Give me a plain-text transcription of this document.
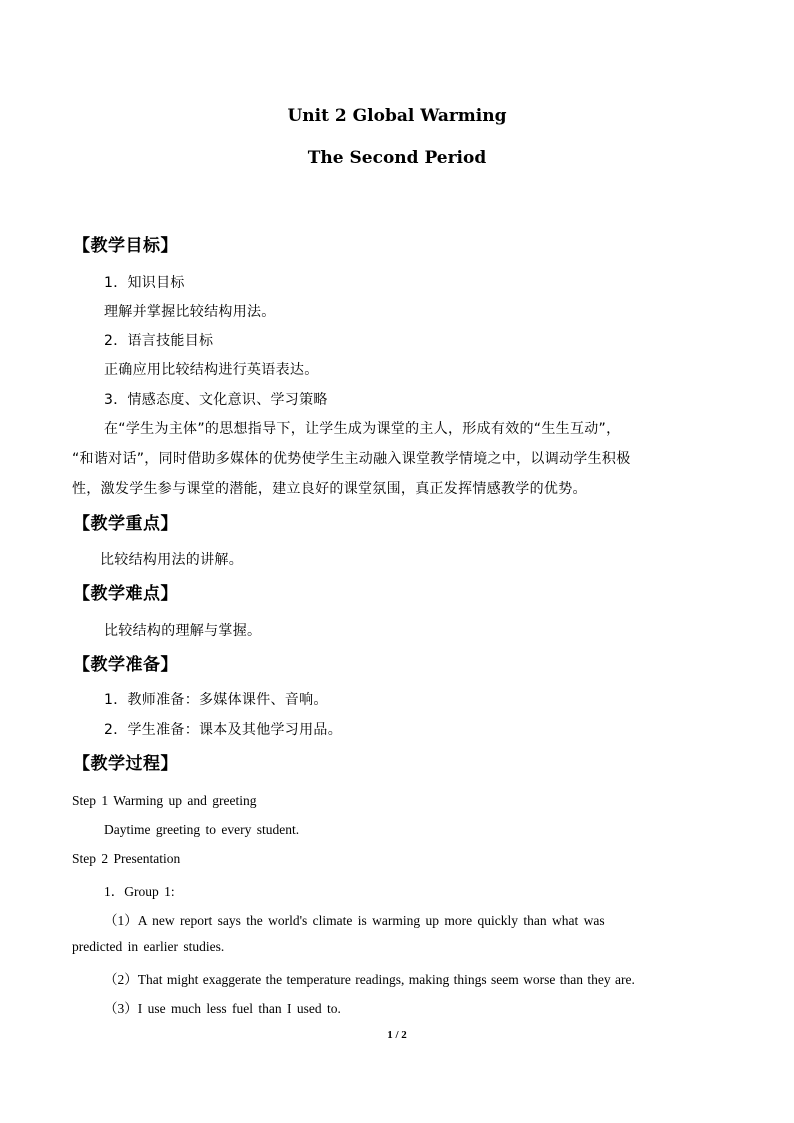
Unit 2 Global Warming
The Second Period
【教学目标】
1．知识目标
理解并掌握比较结构用法。
2．语言技能目标
正确应用比较结构进行英语表达。
3．情感态度、文化意识、学习策略
在“学生为主体”的思想指导下，让学生成为课堂的主人，形成有效的“生生互动”，
“和谐对话”，同时借助多媒体的优势使学生主动融入课堂教学情境之中，以调动学生积极
性，激发学生参与课堂的潜能，建立良好的课堂氛围，真正发挥情感教学的优势。
【教学重点】
比较结构用法的讲解。
【教学难点】
比较结构的理解与掌握。
【教学准备】
1．教师准备：多媒体课件、音响。
2．学生准备：课本及其他学习用品。
【教学过程】
Step 1 Warming up and greeting
Daytime greeting to every student.
Step 2 Presentation
1．Group 1:
（1）A new report says the world's climate is warming up more quickly than what was
predicted in earlier studies.
（2）That might exaggerate the temperature readings, making things seem worse than they are.
（3）I use much less fuel than I used to.
1 / 2
